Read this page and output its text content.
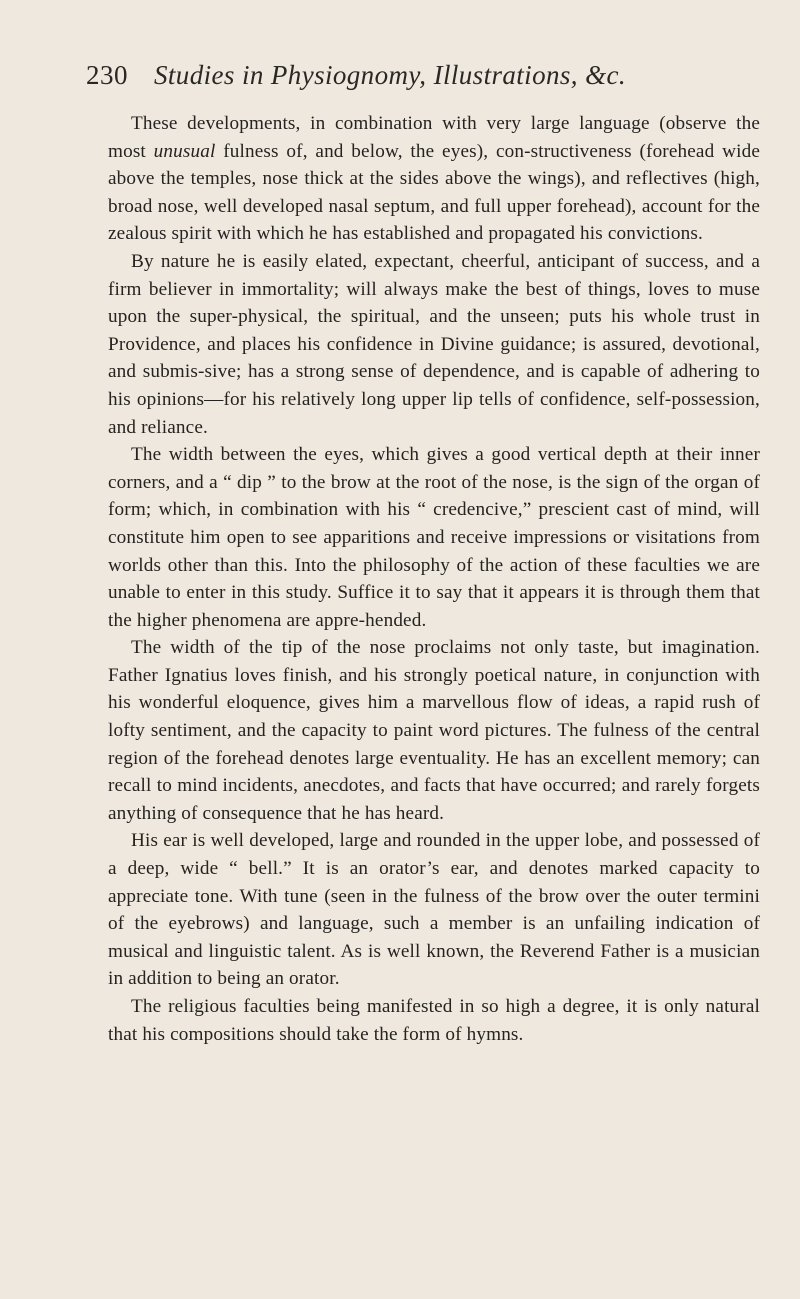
230 Studies in Physiognomy, Illustrations, &c.

These developments, in combination with very large language (observe the most unusual fulness of, and below, the eyes), con-structiveness (forehead wide above the temples, nose thick at the sides above the wings), and reflectives (high, broad nose, well developed nasal septum, and full upper forehead), account for the zealous spirit with which he has established and propagated his convictions.

By nature he is easily elated, expectant, cheerful, anticipant of success, and a firm believer in immortality; will always make the best of things, loves to muse upon the super-physical, the spiritual, and the unseen; puts his whole trust in Providence, and places his confidence in Divine guidance; is assured, devotional, and submis-sive; has a strong sense of dependence, and is capable of adhering to his opinions—for his relatively long upper lip tells of confidence, self-possession, and reliance.

The width between the eyes, which gives a good vertical depth at their inner corners, and a “ dip ” to the brow at the root of the nose, is the sign of the organ of form; which, in combination with his “ credencive,” prescient cast of mind, will constitute him open to see apparitions and receive impressions or visitations from worlds other than this. Into the philosophy of the action of these faculties we are unable to enter in this study. Suffice it to say that it appears it is through them that the higher phenomena are appre-hended.

The width of the tip of the nose proclaims not only taste, but imagination. Father Ignatius loves finish, and his strongly poetical nature, in conjunction with his wonderful eloquence, gives him a marvellous flow of ideas, a rapid rush of lofty sentiment, and the capacity to paint word pictures. The fulness of the central region of the forehead denotes large eventuality. He has an excellent memory; can recall to mind incidents, anecdotes, and facts that have occurred; and rarely forgets anything of consequence that he has heard.

His ear is well developed, large and rounded in the upper lobe, and possessed of a deep, wide “ bell.” It is an orator’s ear, and denotes marked capacity to appreciate tone. With tune (seen in the fulness of the brow over the outer termini of the eyebrows) and language, such a member is an unfailing indication of musical and linguistic talent. As is well known, the Reverend Father is a musician in addition to being an orator.

The religious faculties being manifested in so high a degree, it is only natural that his compositions should take the form of hymns.
